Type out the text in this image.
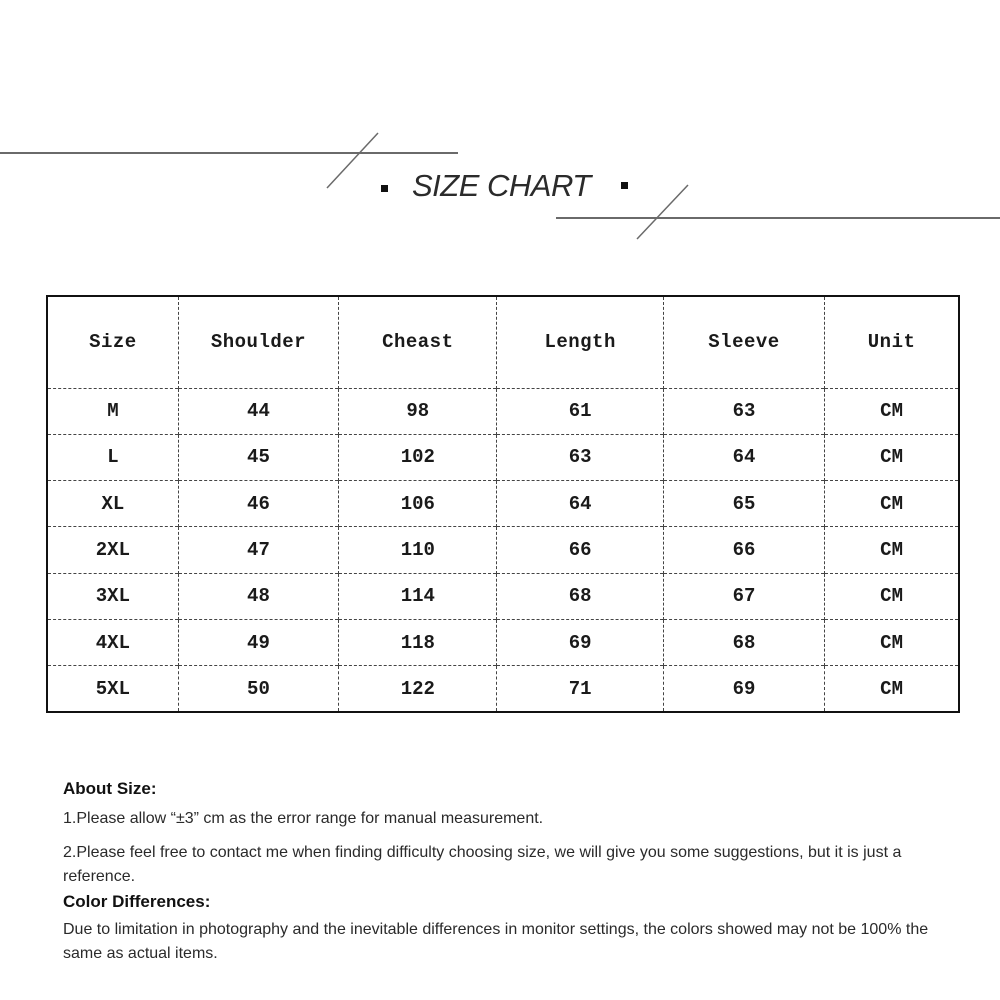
SIZE CHART
Size	Shoulder	Cheast	Length	Sleeve	Unit
M	44	98	61	63	CM
L	45	102	63	64	CM
XL	46	106	64	65	CM
2XL	47	110	66	66	CM
3XL	48	114	68	67	CM
4XL	49	118	69	68	CM
5XL	50	122	71	69	CM

About Size:

1.Please allow “±3” cm as the error range for manual measurement.

2.Please feel free to contact me when finding difficulty choosing size, we will give you some suggestions, but it is just a reference.

Color Differences:

Due to limitation in photography and the inevitable differences in monitor settings, the colors showed may not be 100% the same as actual items.
